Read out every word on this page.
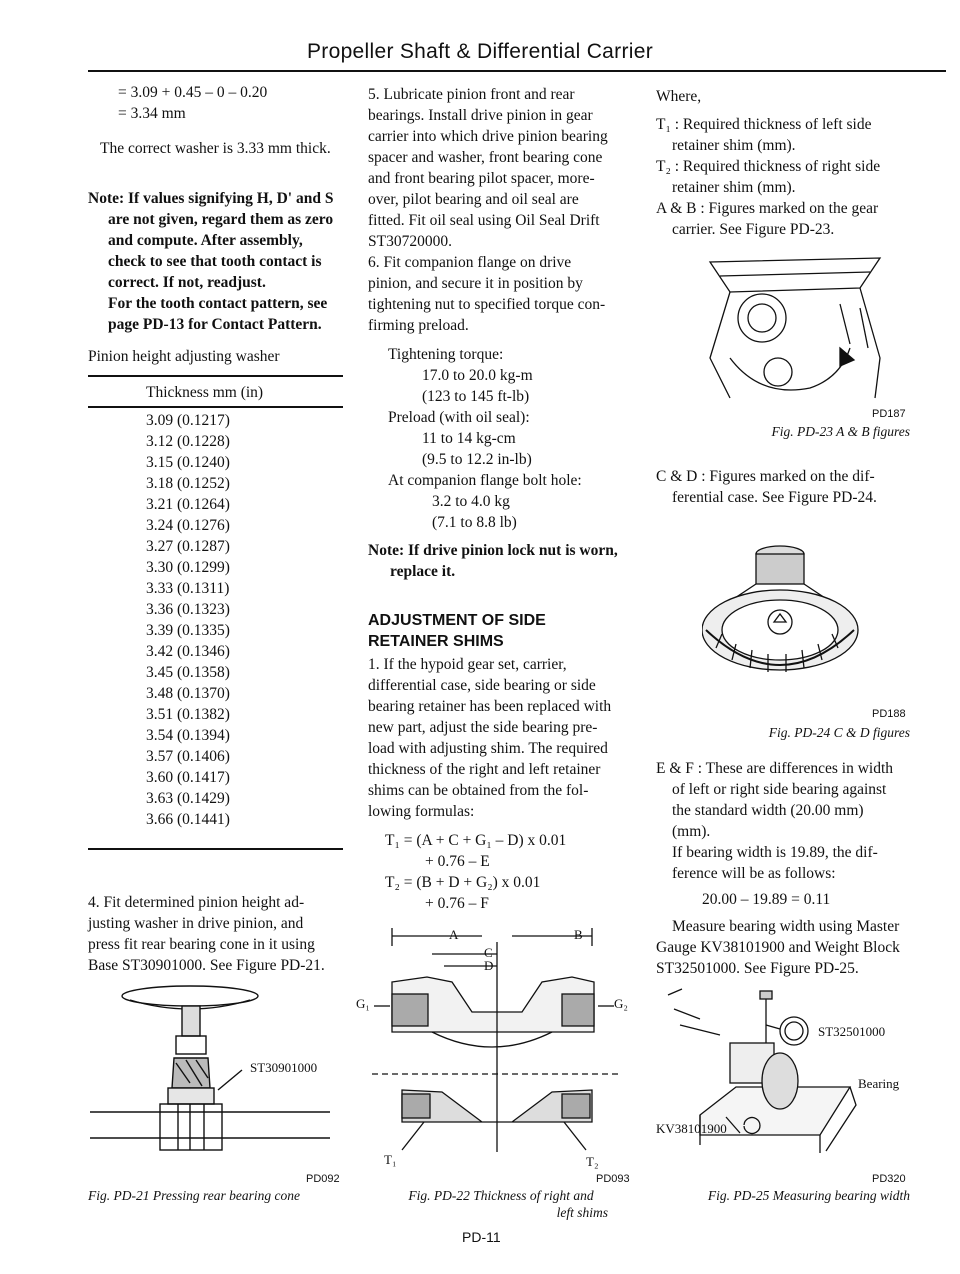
Propeller Shaft & Differential Carrier
= 3.09 + 0.45 – 0 – 0.20
= 3.34 mm
The correct washer is 3.33 mm thick.
Note: If values signifying H, D' and S
are not given, regard them as zero
and compute. After assembly,
check to see that tooth contact is
correct. If not, readjust.
For the tooth contact pattern, see
page PD-13 for Contact Pattern.
Pinion height adjusting washer
Thickness mm (in)
3.09 (0.1217)
3.12 (0.1228)
3.15 (0.1240)
3.18 (0.1252)
3.21 (0.1264)
3.24 (0.1276)
3.27 (0.1287)
3.30 (0.1299)
3.33 (0.1311)
3.36 (0.1323)
3.39 (0.1335)
3.42 (0.1346)
3.45 (0.1358)
3.48 (0.1370)
3.51 (0.1382)
3.54 (0.1394)
3.57 (0.1406)
3.60 (0.1417)
3.63 (0.1429)
3.66 (0.1441)
4. Fit determined pinion height ad-
justing washer in drive pinion, and
press fit rear bearing cone in it using
Base ST30901000. See Figure PD-21.
ST30901000
PD092
Fig. PD-21 Pressing rear bearing cone
5. Lubricate pinion front and rear
bearings. Install drive pinion in gear
carrier into which drive pinion bearing
spacer and washer, front bearing cone
and front bearing pilot spacer, more-
over, pilot bearing and oil seal are
fitted. Fit oil seal using Oil Seal Drift
ST30720000.
6. Fit companion flange on drive
pinion, and secure it in position by
tightening nut to specified torque con-
firming preload.
Tightening torque:
17.0 to 20.0 kg-m
(123 to 145 ft-lb)
Preload (with oil seal):
11 to 14 kg-cm
(9.5 to 12.2 in-lb)
At companion flange bolt hole:
3.2 to 4.0 kg
(7.1 to 8.8 lb)
Note: If drive pinion lock nut is worn,
replace it.
ADJUSTMENT OF SIDE
RETAINER SHIMS
1. If the hypoid gear set, carrier,
differential case, side bearing or side
bearing retainer has been replaced with
new part, adjust the side bearing pre-
load with adjusting shim. The required
thickness of the right and left retainer
shims can be obtained from the fol-
lowing formulas:
T₁ = (A + C + G₁ – D) x 0.01
+ 0.76 – E
T₂ = (B + D + G₂) x 0.01
+ 0.76 – F
A	B
C
D
G₁	G₂
T₁	T₂
PD093
Fig. PD-22 Thickness of right and
left shims
PD-11
Where,
T₁ : Required thickness of left side
retainer shim (mm).
T₂ : Required thickness of right side
retainer shim (mm).
A & B : Figures marked on the gear
carrier. See Figure PD-23.
PD187
Fig. PD-23 A & B figures
C & D : Figures marked on the dif-
ferential case. See Figure PD-24.
PD188
Fig. PD-24 C & D figures
E & F : These are differences in width
of left or right side bearing against
the standard width (20.00 mm)
(mm).
If bearing width is 19.89, the dif-
ference will be as follows:
20.00 – 19.89 = 0.11
Measure bearing width using Master
Gauge KV38101900 and Weight Block
ST32501000. See Figure PD-25.
ST32501000
Bearing
KV38101900
PD320
Fig. PD-25 Measuring bearing width
